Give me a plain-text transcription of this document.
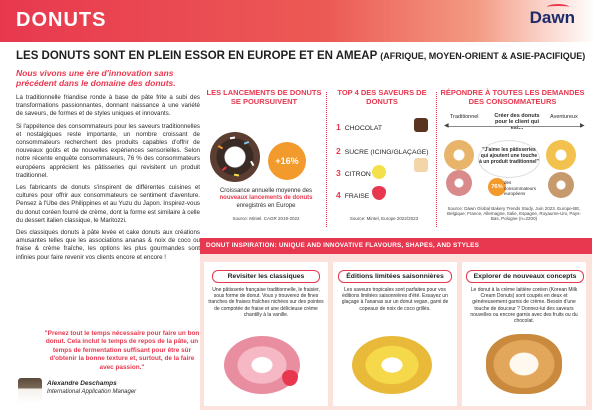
DONUTS	Dawn
LES DONUTS SONT EN PLEIN ESSOR EN EUROPE ET EN AMEAP (AFRIQUE, MOYEN-ORIENT & ASIE-PACIFIQUE)
Nous vivons une ère d'innovation sans précédent dans le domaine des donuts.
La traditionnelle friandise ronde à base de pâte frite a subi des transformations passionnantes, donnant naissance à une variété de saveurs, de formes et de styles uniques et innovants.
Si l'appétence des consommateurs pour les saveurs traditionnelles et nostalgiques reste importante, un nombre croissant de consommateurs recherchent des produits capables d'offrir de nouveaux goûts et de nouvelles expériences sensorielles. Selon notre récente enquête consommateurs, 76 % des consommateurs européens apprécient les pâtisseries qui revisitent un produit traditionnel.
Les fabricants de donuts s'inspirent de différentes cuisines et cultures pour offrir aux consommateurs ce sentiment d'aventure. Pensez à l'Ube des Philippines et au Yuzu du Japon. Inspirez-vous du donut coréen fourré de crème, dont la forme est similaire à celle du dessert italien classique, le Maritozzi.
Des classiques donuts à pâte levée et cake donuts aux créations amusantes telles que les associations ananas & noix de coco ou fraise & crème fraîche, les options les plus gourmandes sont infinies pour faire revenir vos clients encore et encore !
"Prenez tout le temps nécessaire pour faire un bon donut. Cela inclut le temps de repos de la pâte, un temps de fermentation suffisant pour être sûr d'obtenir la bonne texture et, surtout, de la faire avec passion."
Alexandre Deschamps
International Application Manager
LES LANCEMENTS DE DONUTS SE POURSUIVENT
+16%
Croissance annuelle moyenne des
nouveaux lancements de donuts
enregistrés en Europe
Source: Mintel. CAGR 2019-2022
TOP 4 DES SAVEURS DE DONUTS
1 CHOCOLAT
2 SUCRE (ICING/GLAÇAGE)
3 CITRON
4 FRAISE
Source: Mintel, Europe 2022/2023
RÉPONDRE À TOUTES LES DEMANDES DES CONSOMMATEURS
Traditionnel	Créer des donuts pour le client qui est...
Aventureux
◀	▶
"J'aime les pâtisseries qui ajoutent une touche à un produit traditionnel"
76%
des consommateurs européens
Source: Dawn Global Bakery Trends Study, Juin 2023. Europe-BE, Belgique; France, Allemagne, Italie, Espagne, Royaume-Uni, Pays-Bas, Pologne (n=2200)
DONUT INSPIRATION: UNIQUE AND INNOVATIVE FLAVOURS, SHAPES, AND STYLES
Revisiter les classiques
Une pâtisserie française traditionnelle, le fraisier, sous forme de donut. Vous y trouverez de fines tranches de fraises fraîches nichées sur des pointes de compotée de fraise et une délicieuse crème chantilly à la vanille.
Éditions limitées saisonnières
Les saveurs tropicales sont parfaites pour vos éditions limitées saisonnières d'été. Essayez un glaçage à l'ananas sur un donut vegan, garni de copeaux de noix de coco grillés.
Explorer de nouveaux concepts
Le donut à la crème laitière coréen (Korean Milk Cream Donuts) sont coupés en deux et généreusement garnis de crème. Besoin d'une touche de douceur ? Donnez-lui des saveurs nouvelles ou encore garnis avec des fruits ou du chocolat.
